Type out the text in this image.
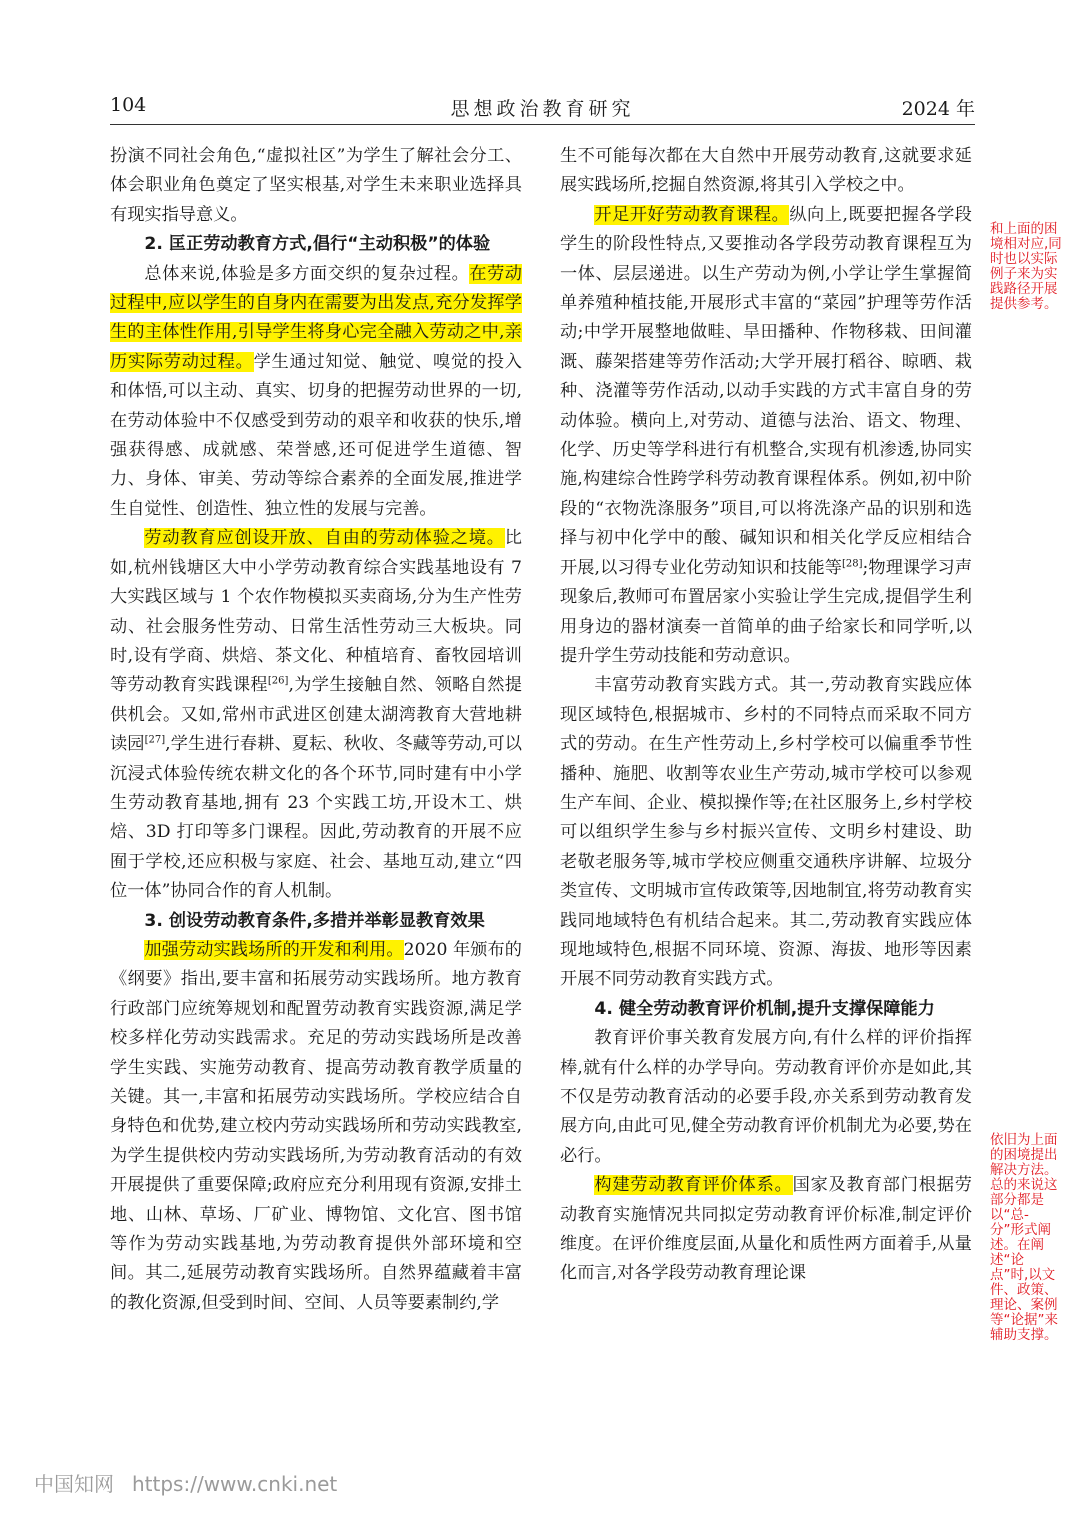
104	思想政治教育研究	2024 年

扮演不同社会角色,“虚拟社区”为学生了解社会分工、体会职业角色奠定了坚实根基,对学生未来职业选择具有现实指导意义。

2. 匡正劳动教育方式,倡行“主动积极”的体验

总体来说,体验是多方面交织的复杂过程。在劳动过程中,应以学生的自身内在需要为出发点,充分发挥学生的主体性作用,引导学生将身心完全融入劳动之中,亲历实际劳动过程。学生通过知觉、触觉、嗅觉的投入和体悟,可以主动、真实、切身的把握劳动世界的一切,在劳动体验中不仅感受到劳动的艰辛和收获的快乐,增强获得感、成就感、荣誉感,还可促进学生道德、智力、身体、审美、劳动等综合素养的全面发展,推进学生自觉性、创造性、独立性的发展与完善。

劳动教育应创设开放、自由的劳动体验之境。比如,杭州钱塘区大中小学劳动教育综合实践基地设有 7 大实践区域与 1 个农作物模拟买卖商场,分为生产性劳动、社会服务性劳动、日常生活性劳动三大板块。同时,设有学商、烘焙、茶文化、种植培育、畜牧园培训等劳动教育实践课程[26],为学生接触自然、领略自然提供机会。又如,常州市武进区创建太湖湾教育大营地耕读园[27],学生进行春耕、夏耘、秋收、冬藏等劳动,可以沉浸式体验传统农耕文化的各个环节,同时建有中小学生劳动教育基地,拥有 23 个实践工坊,开设木工、烘焙、3D 打印等多门课程。因此,劳动教育的开展不应囿于学校,还应积极与家庭、社会、基地互动,建立“四位一体”协同合作的育人机制。

3. 创设劳动教育条件,多措并举彰显教育效果

加强劳动实践场所的开发和利用。2020 年颁布的《纲要》指出,要丰富和拓展劳动实践场所。地方教育行政部门应统筹规划和配置劳动教育实践资源,满足学校多样化劳动实践需求。充足的劳动实践场所是改善学生实践、实施劳动教育、提高劳动教育教学质量的关键。其一,丰富和拓展劳动实践场所。学校应结合自身特色和优势,建立校内劳动实践场所和劳动实践教室,为学生提供校内劳动实践场所,为劳动教育活动的有效开展提供了重要保障;政府应充分利用现有资源,安排土地、山林、草场、厂矿业、博物馆、文化宫、图书馆等作为劳动实践基地,为劳动教育提供外部环境和空间。其二,延展劳动教育实践场所。自然界蕴藏着丰富的教化资源,但受到时间、空间、人员等要素制约,学

生不可能每次都在大自然中开展劳动教育,这就要求延展实践场所,挖掘自然资源,将其引入学校之中。

开足开好劳动教育课程。纵向上,既要把握各学段学生的阶段性特点,又要推动各学段劳动教育课程互为一体、层层递进。以生产劳动为例,小学让学生掌握简单养殖种植技能,开展形式丰富的“菜园”护理等劳作活动;中学开展整地做畦、旱田播种、作物移栽、田间灌溉、藤架搭建等劳作活动;大学开展打稻谷、晾晒、栽种、浇灌等劳作活动,以动手实践的方式丰富自身的劳动体验。横向上,对劳动、道德与法治、语文、物理、化学、历史等学科进行有机整合,实现有机渗透,协同实施,构建综合性跨学科劳动教育课程体系。例如,初中阶段的“衣物洗涤服务”项目,可以将洗涤产品的识别和选择与初中化学中的酸、碱知识和相关化学反应相结合开展,以习得专业化劳动知识和技能等[28];物理课学习声现象后,教师可布置居家小实验让学生完成,提倡学生利用身边的器材演奏一首简单的曲子给家长和同学听,以提升学生劳动技能和劳动意识。

丰富劳动教育实践方式。其一,劳动教育实践应体现区域特色,根据城市、乡村的不同特点而采取不同方式的劳动。在生产性劳动上,乡村学校可以偏重季节性播种、施肥、收割等农业生产劳动,城市学校可以参观生产车间、企业、模拟操作等;在社区服务上,乡村学校可以组织学生参与乡村振兴宣传、文明乡村建设、助老敬老服务等,城市学校应侧重交通秩序讲解、垃圾分类宣传、文明城市宣传政策等,因地制宜,将劳动教育实践同地域特色有机结合起来。其二,劳动教育实践应体现地域特色,根据不同环境、资源、海拔、地形等因素开展不同劳动教育实践方式。

4. 健全劳动教育评价机制,提升支撑保障能力

教育评价事关教育发展方向,有什么样的评价指挥棒,就有什么样的办学导向。劳动教育评价亦是如此,其不仅是劳动教育活动的必要手段,亦关系到劳动教育发展方向,由此可见,健全劳动教育评价机制尤为必要,势在必行。

构建劳动教育评价体系。国家及教育部门根据劳动教育实施情况共同拟定劳动教育评价标准,制定评价维度。在评价维度层面,从量化和质性两方面着手,从量化而言,对各学段劳动教育理论课

和上面的困境相对应,同时也以实际例子来为实践路径开展提供参考。
依旧为上面的困境提出解决方法。总的来说这部分都是以“总-分”形式阐述。在阐述“论点”时,以文件、政策、理论、案例等“论据”来辅助支撑。
中国知网 https://www.cnki.net
